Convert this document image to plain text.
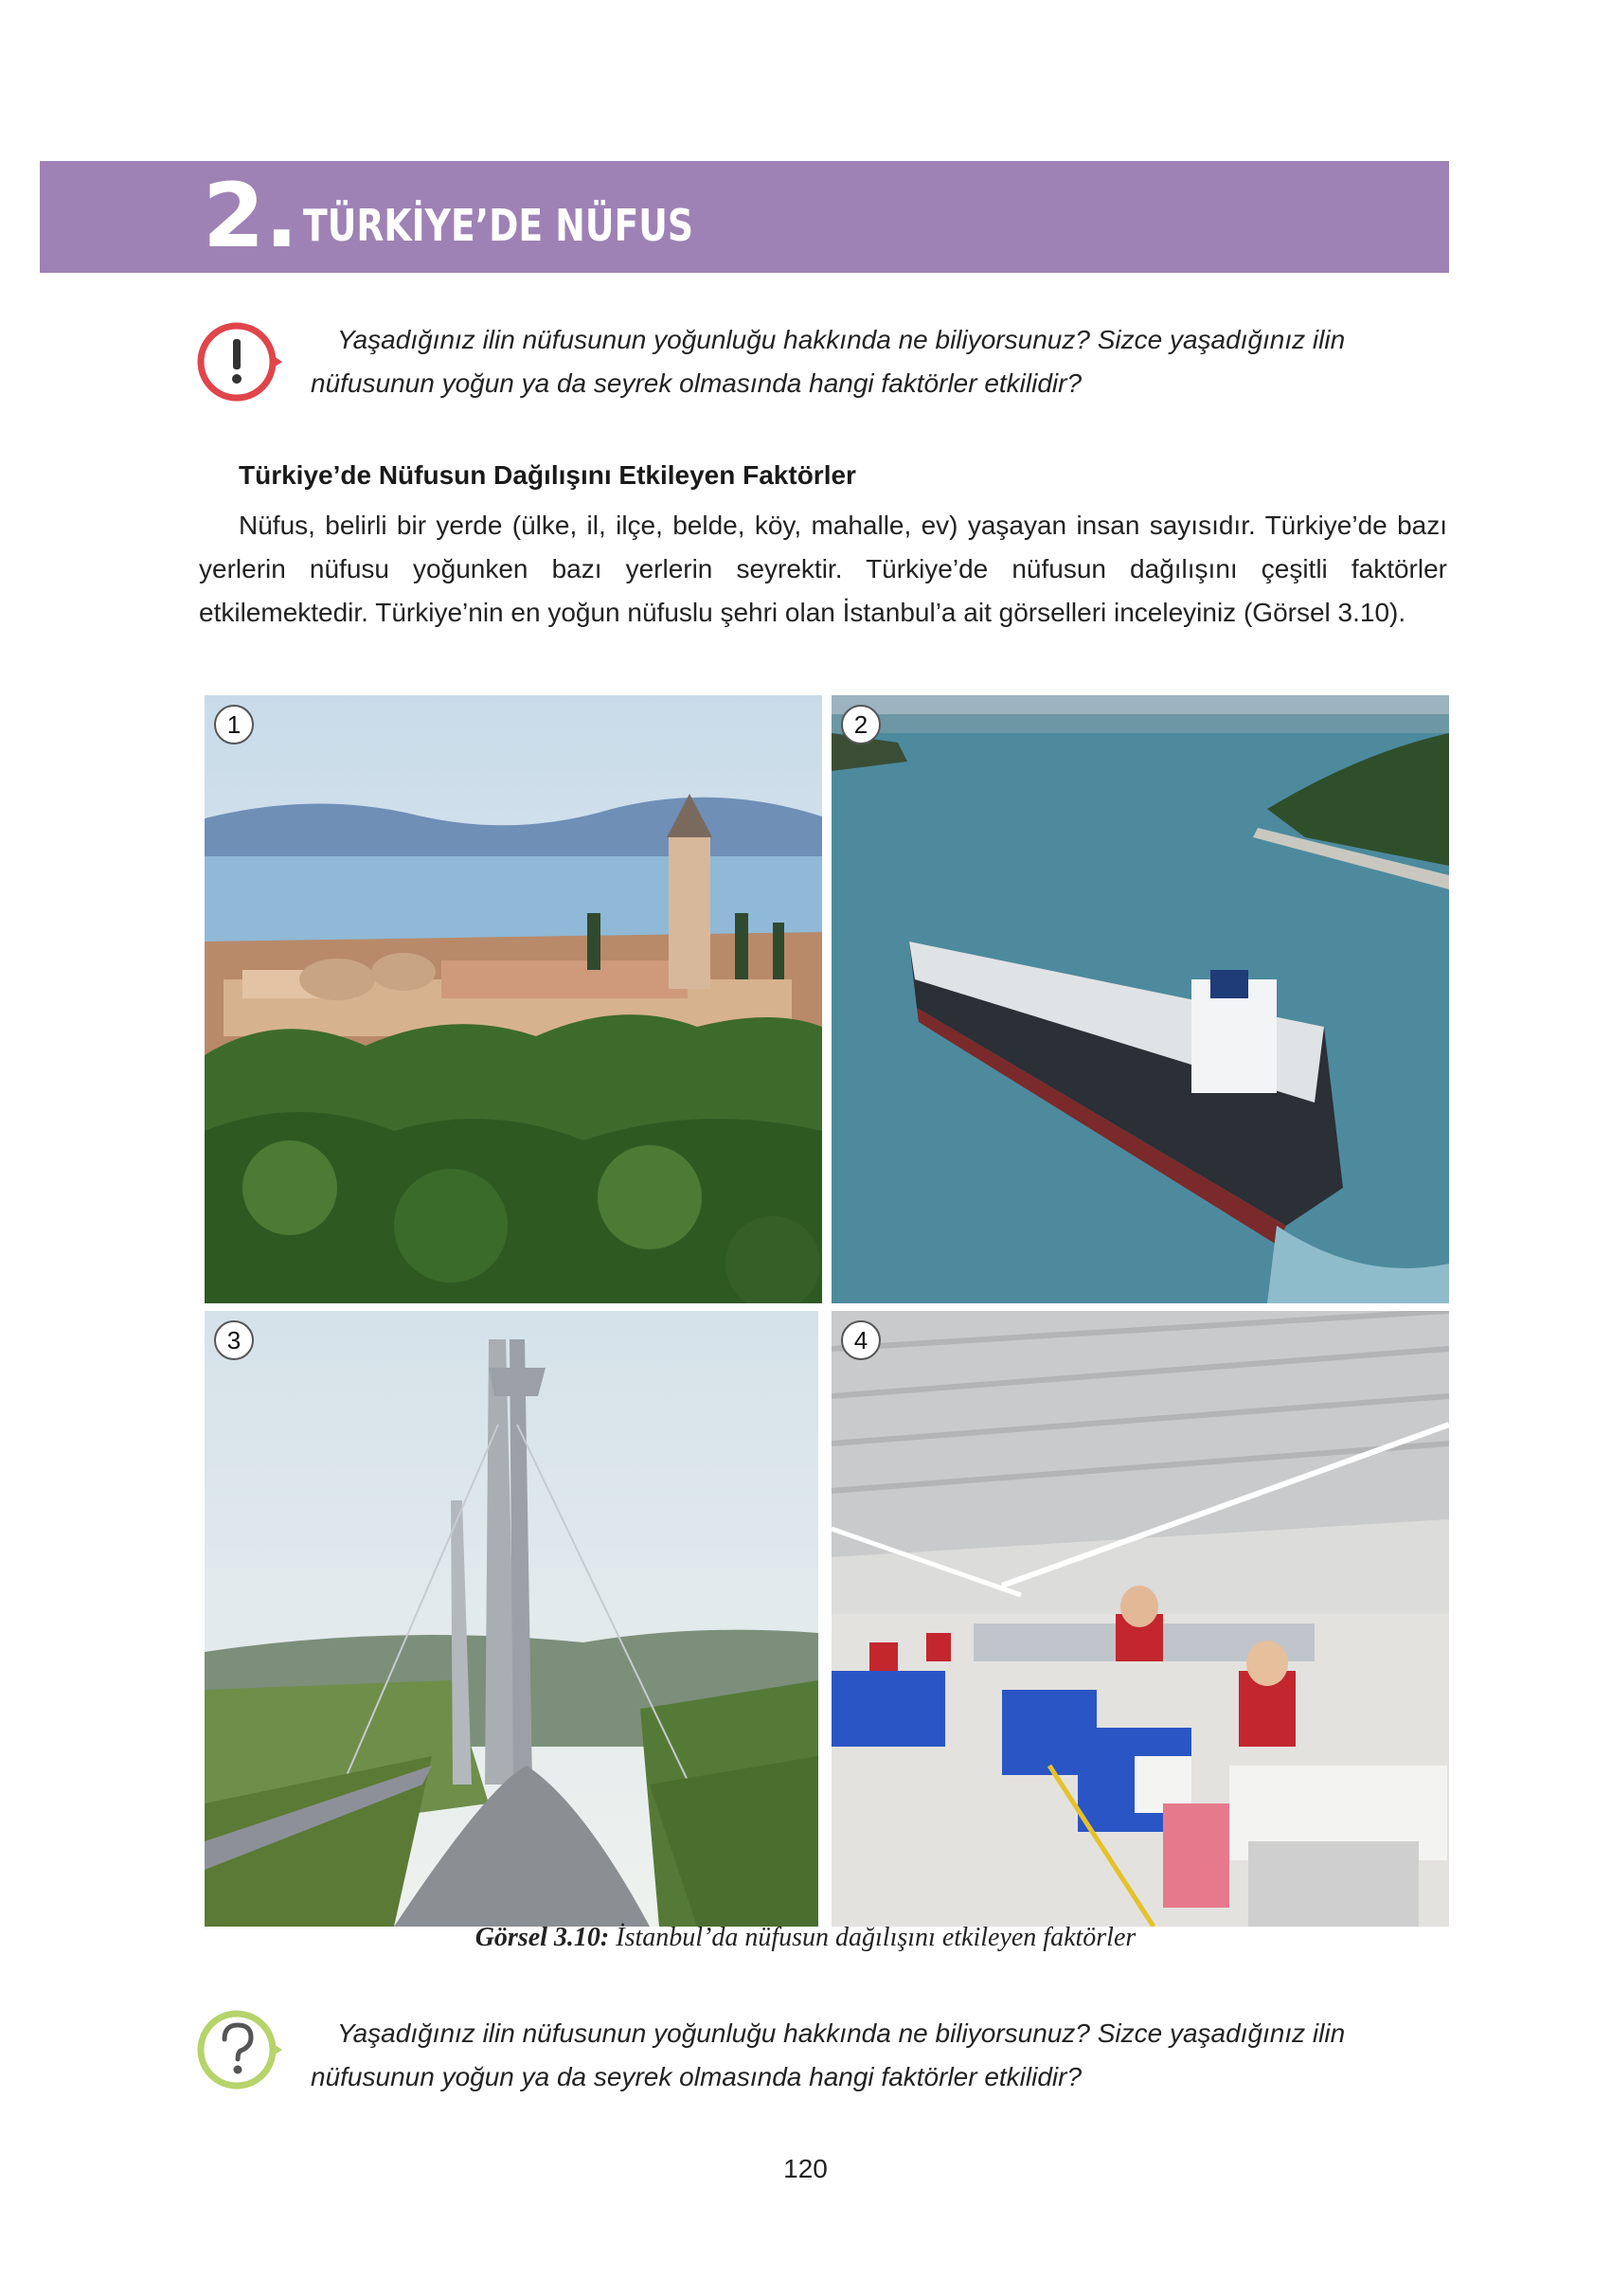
2. TÜRKİYE’DE NÜFUS
Yaşadığınız ilin nüfusunun yoğunluğu hakkında ne biliyorsunuz? Sizce yaşadığınız ilin
nüfusunun yoğun ya da seyrek olmasında hangi faktörler etkilidir?
Türkiye’de Nüfusun Dağılışını Etkileyen Faktörler
Nüfus, belirli bir yerde (ülke, il, ilçe, belde, köy, mahalle, ev) yaşayan insan sayısıdır. Türkiye’de bazı yerlerin nüfusu yoğunken bazı yerlerin seyrektir. Türkiye’de nüfusun dağılışını çeşitli faktörler etkilemektedir. Türkiye’nin en yoğun nüfuslu şehri olan İstanbul’a ait görselleri inceleyiniz (Görsel 3.10).
1	2
3	4
Görsel 3.10: İstanbul’da nüfusun dağılışını etkileyen faktörler
Yaşadığınız ilin nüfusunun yoğunluğu hakkında ne biliyorsunuz? Sizce yaşadığınız ilin
nüfusunun yoğun ya da seyrek olmasında hangi faktörler etkilidir?
120
